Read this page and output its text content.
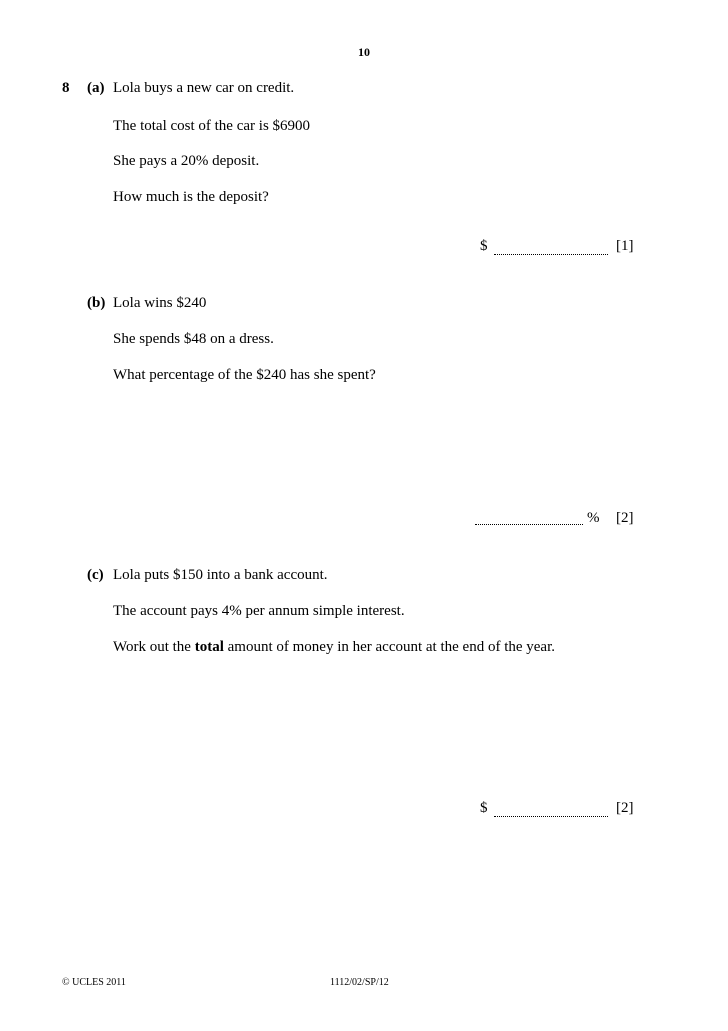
10
8 (a) Lola buys a new car on credit.
The total cost of the car is $6900
She pays a 20% deposit.
How much is the deposit?
$	[1]
(b) Lola wins $240
She spends $48 on a dress.
What percentage of the $240 has she spent?
% [2]
(c) Lola puts $150 into a bank account.
The account pays 4% per annum simple interest.
Work out the total amount of money in her account at the end of the year.
$	[2]
© UCLES 2011	1112/02/SP/12
